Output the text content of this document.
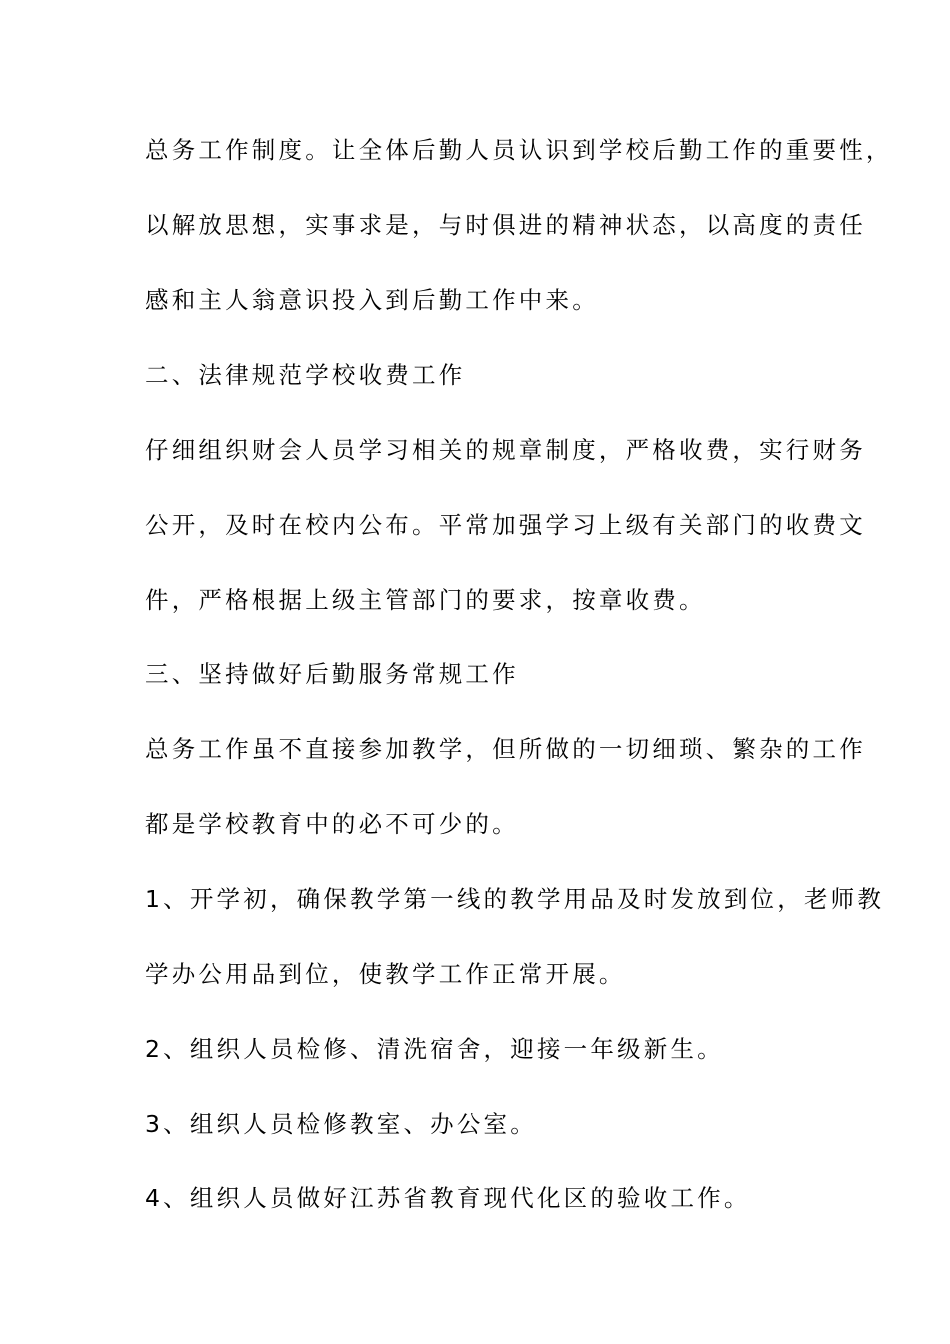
总务工作制度。让全体后勤人员认识到学校后勤工作的重要性，

以解放思想，实事求是，与时俱进的精神状态，以高度的责任

感和主人翁意识投入到后勤工作中来。

二、法律规范学校收费工作

仔细组织财会人员学习相关的规章制度，严格收费，实行财务

公开，及时在校内公布。平常加强学习上级有关部门的收费文

件，严格根据上级主管部门的要求，按章收费。

三、坚持做好后勤服务常规工作

总务工作虽不直接参加教学，但所做的一切细琐、繁杂的工作

都是学校教育中的必不可少的。

1、开学初，确保教学第一线的教学用品及时发放到位，老师教

学办公用品到位，使教学工作正常开展。

2、组织人员检修、清洗宿舍，迎接一年级新生。

3、组织人员检修教室、办公室。

4、组织人员做好江苏省教育现代化区的验收工作。
